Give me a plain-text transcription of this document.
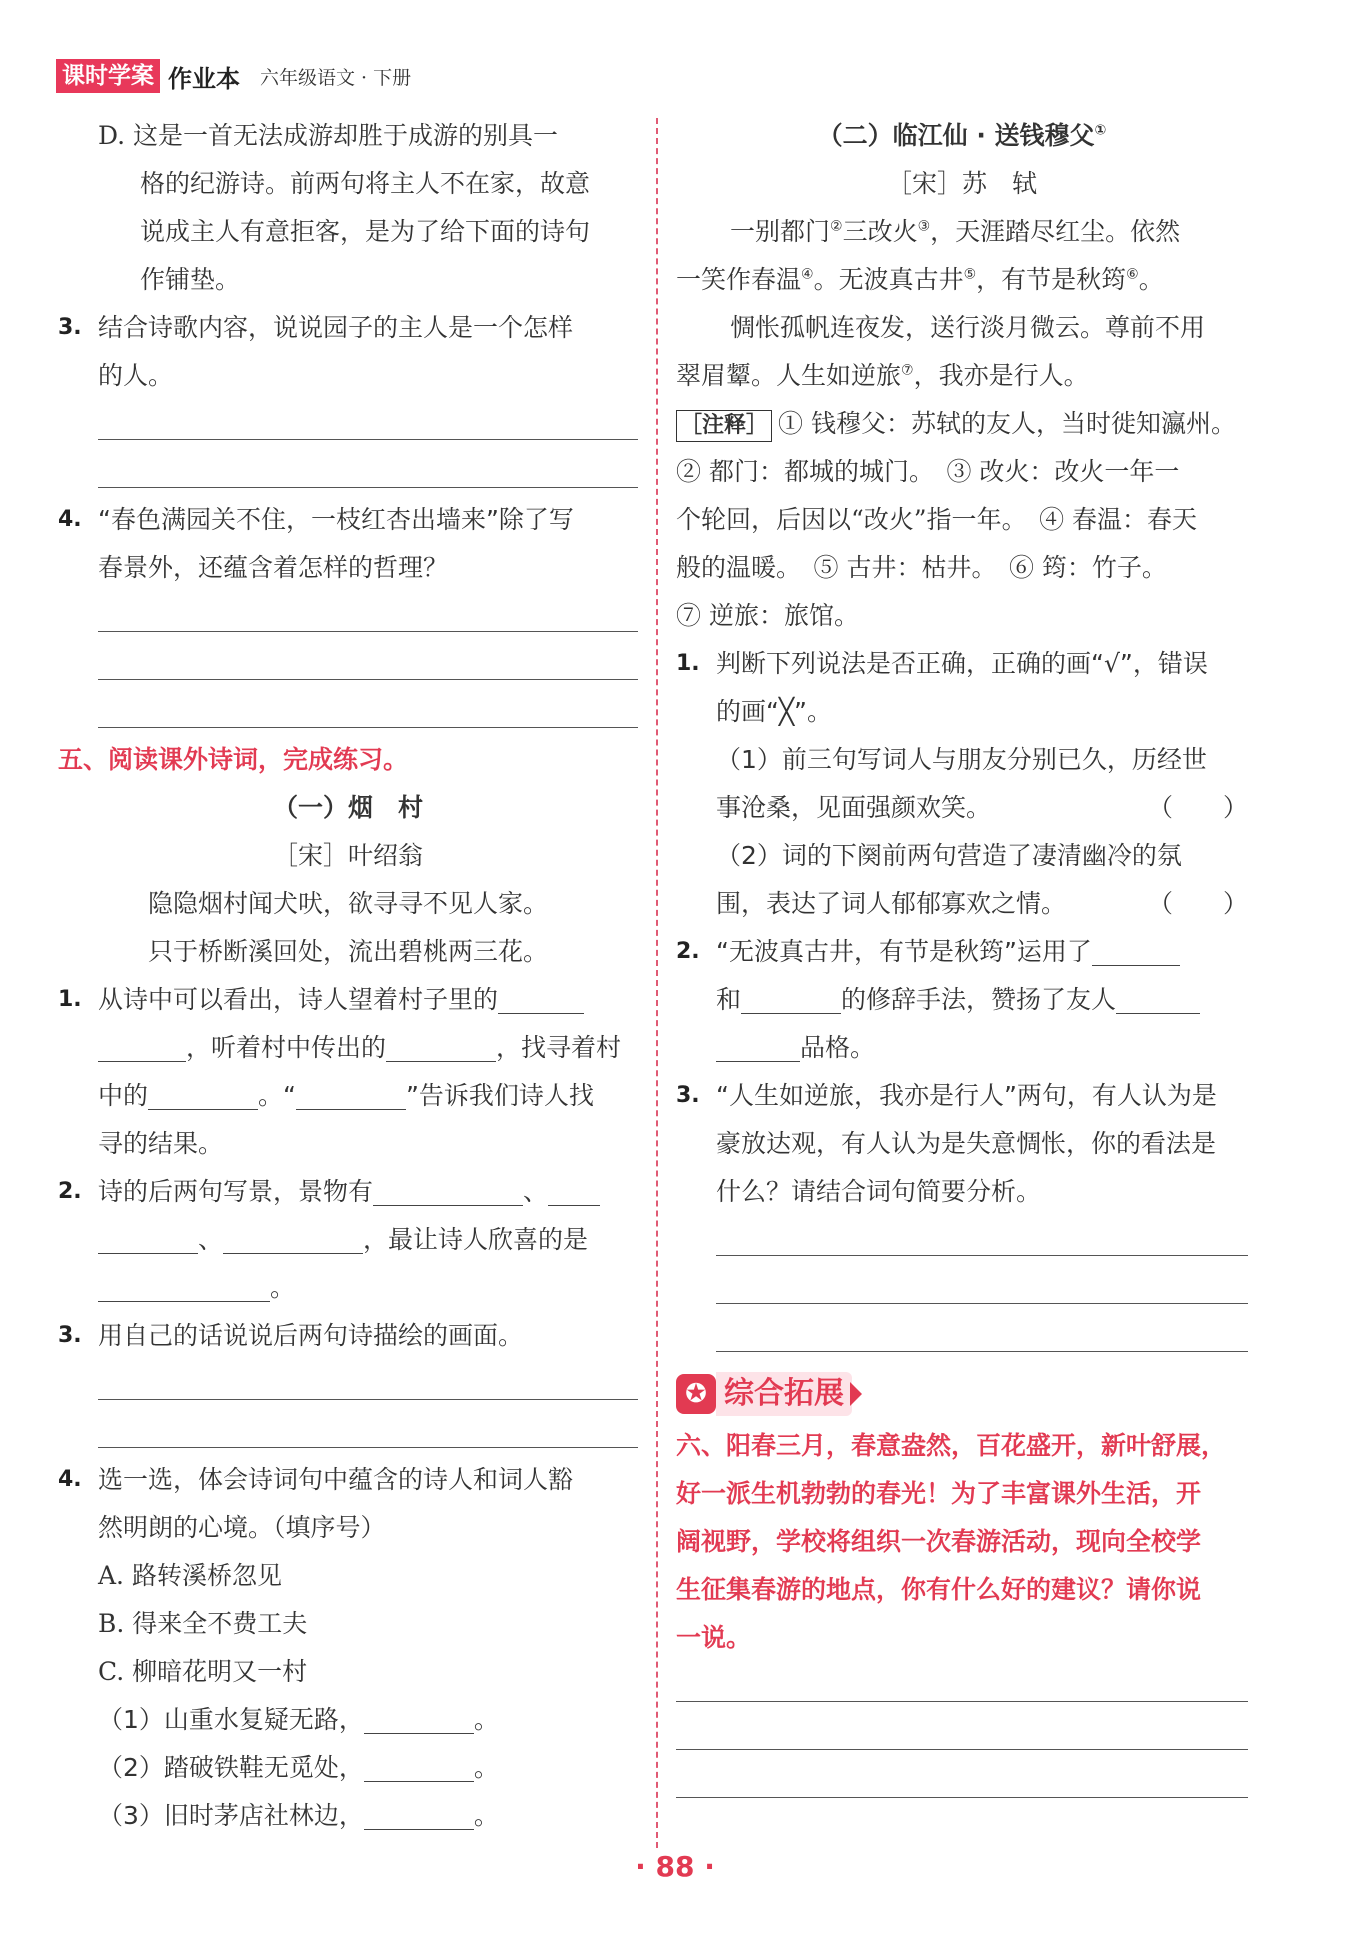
课时学案 作业本 六年级语文 · 下册
D. 这是一首无法成游却胜于成游的别具一
格的纪游诗。前两句将主人不在家，故意
说成主人有意拒客，是为了给下面的诗句
作铺垫。
3. 结合诗歌内容，说说园子的主人是一个怎样
的人。
4. “春色满园关不住，一枝红杏出墙来”除了写
春景外，还蕴含着怎样的哲理？
五、阅读课外诗词，完成练习。
（一）烟　村
［宋］叶绍翁
隐隐烟村闻犬吠，欲寻寻不见人家。
只于桥断溪回处，流出碧桃两三花。
1. 从诗中可以看出，诗人望着村子里的
，听着村中传出的	，找寻着村
中的	。“	”告诉我们诗人找
寻的结果。
2. 诗的后两句写景，景物有	、
、	，最让诗人欣喜的是
。
3. 用自己的话说说后两句诗描绘的画面。
4. 选一选，体会诗词句中蕴含的诗人和词人豁
然明朗的心境。（填序号）
A. 路转溪桥忽见
B. 得来全不费工夫
C. 柳暗花明又一村
（1）山重水复疑无路，	。
（2）踏破铁鞋无觅处，	。
（3）旧时茅店社林边，	。
（二）临江仙 · 送钱穆父①
［宋］苏　轼
一别都门②三改火③，天涯踏尽红尘。依然
一笑作春温④。无波真古井⑤，有节是秋筠⑥。
惆怅孤帆连夜发，送行淡月微云。尊前不用
翠眉颦。人生如逆旅⑦，我亦是行人。
［注释］ ① 钱穆父：苏轼的友人，当时徙知瀛州。
② 都门：都城的城门。　③ 改火：改火一年一
个轮回，后因以“改火”指一年。　④ 春温：春天
般的温暖。　⑤ 古井：枯井。　⑥ 筠：竹子。
⑦ 逆旅：旅馆。
1. 判断下列说法是否正确，正确的画“√”，错误
的画“╳”。
（1）前三句写词人与朋友分别已久，历经世
事沧桑，见面强颜欢笑。	（　　）
（2）词的下阕前两句营造了凄清幽冷的氛
围，表达了词人郁郁寡欢之情。	（　　）
2. “无波真古井，有节是秋筠”运用了
和	的修辞手法，赞扬了友人
品格。
3. “人生如逆旅，我亦是行人”两句，有人认为是
豪放达观，有人认为是失意惆怅，你的看法是
什么？请结合词句简要分析。
✪ 综合拓展
六、阳春三月，春意盎然，百花盛开，新叶舒展，
好一派生机勃勃的春光！为了丰富课外生活，开
阔视野，学校将组织一次春游活动，现向全校学
生征集春游的地点，你有什么好的建议？请你说
一说。
· 88 ·
